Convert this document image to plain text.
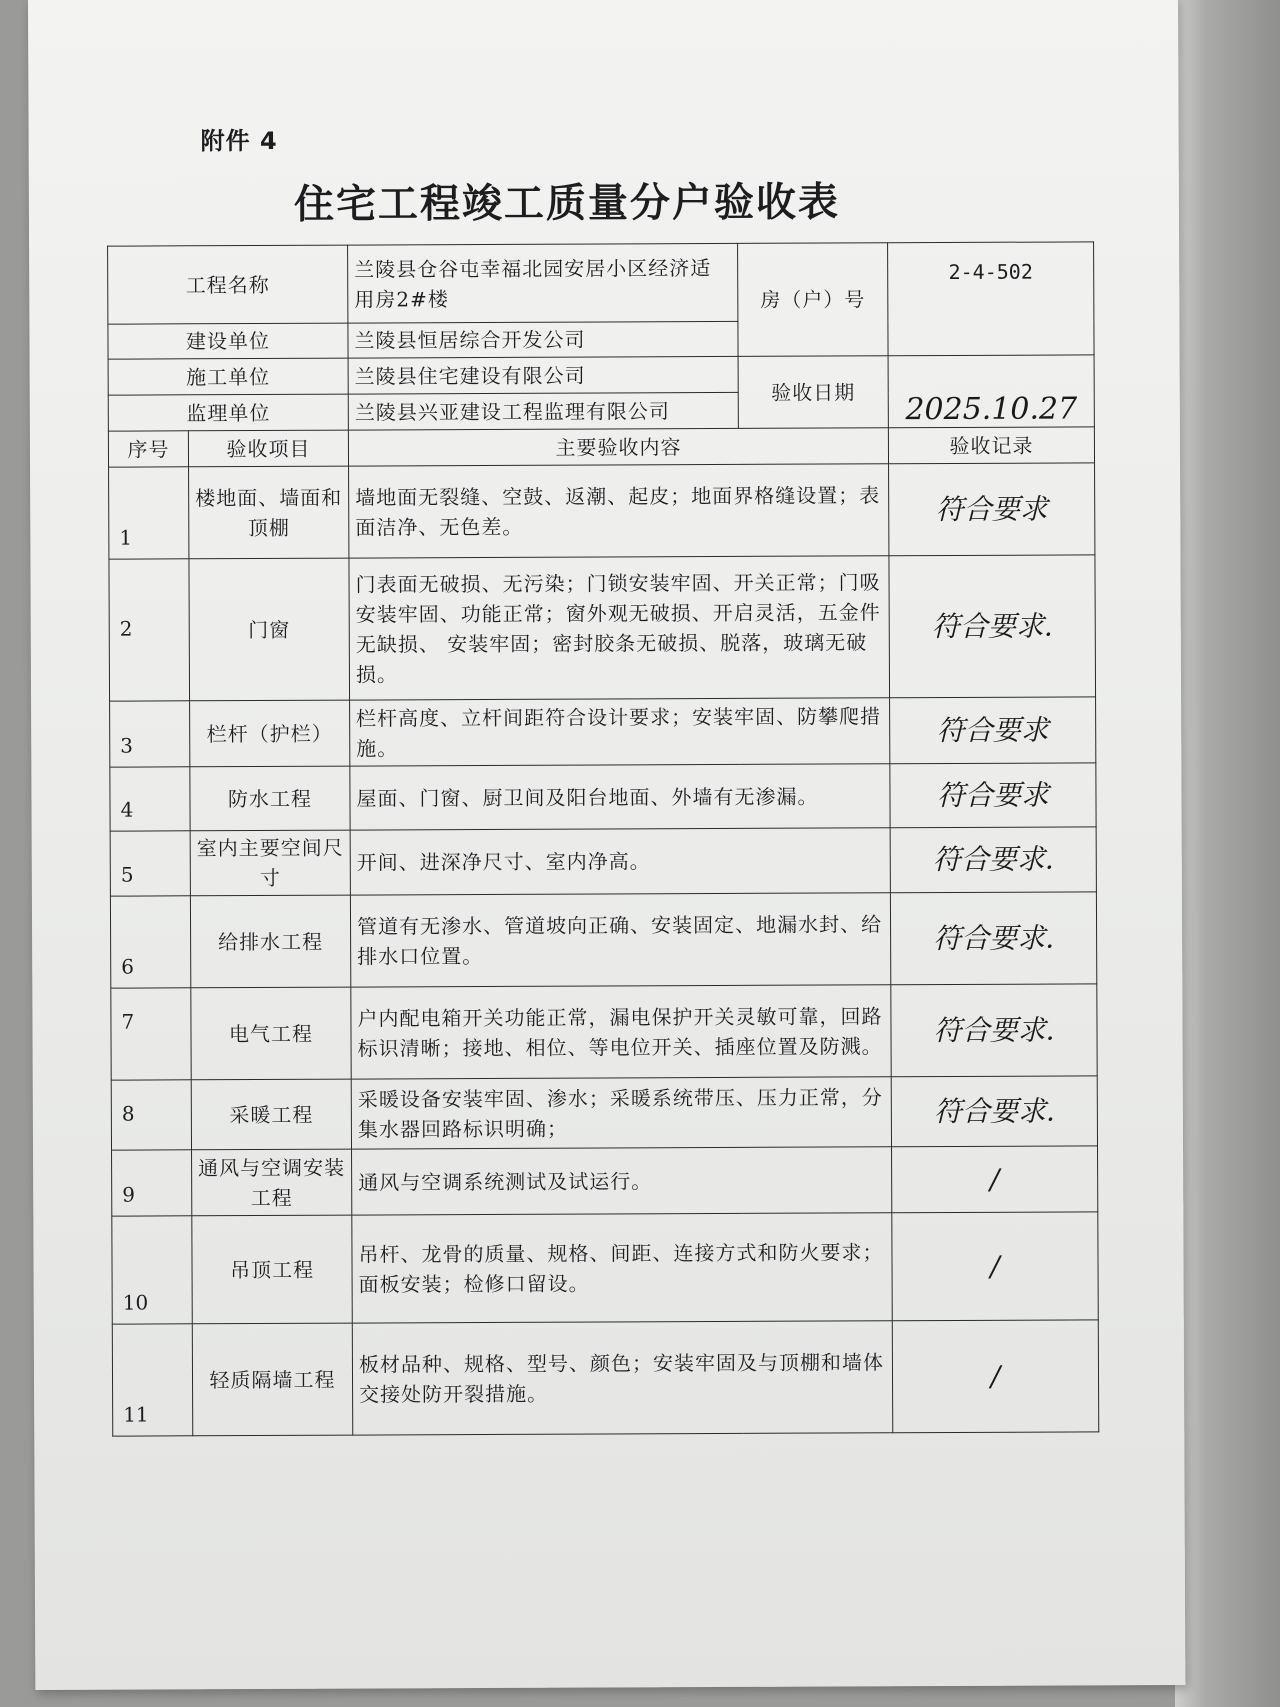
附件 4
住宅工程竣工质量分户验收表
工程名称		兰陵县仓谷屯幸福北园安居小区经济适用房2#楼	房（户）号	2-4-502
建设单位		兰陵县恒居综合开发公司		
施工单位		兰陵县住宅建设有限公司	验收日期	2025.10.27
监理单位		兰陵县兴亚建设工程监理有限公司		
序号	验收项目	主要验收内容		验收记录
1	楼地面、墙面和顶棚	墙地面无裂缝、空鼓、返潮、起皮；地面界格缝设置；表面洁净、无色差。		符合要求
2	门窗	门表面无破损、无污染；门锁安装牢固、开关正常；门吸安装牢固、功能正常；窗外观无破损、开启灵活，五金件无缺损、 安装牢固；密封胶条无破损、脱落，玻璃无破损。		符合要求.
3	栏杆（护栏）	栏杆高度、立杆间距符合设计要求；安装牢固、防攀爬措施。		符合要求
4	防水工程	屋面、门窗、厨卫间及阳台地面、外墙有无渗漏。		符合要求
5	室内主要空间尺寸	开间、进深净尺寸、室内净高。		符合要求.
6	给排水工程	管道有无渗水、管道坡向正确、安装固定、地漏水封、给排水口位置。		符合要求.
7	电气工程	户内配电箱开关功能正常，漏电保护开关灵敏可靠，回路标识清晰；接地、相位、等电位开关、插座位置及防溅。		符合要求.
8	采暖工程	采暖设备安装牢固、渗水；采暖系统带压、压力正常，分集水器回路标识明确；		符合要求.
9	通风与空调安装工程	通风与空调系统测试及试运行。		/
10	吊顶工程	吊杆、龙骨的质量、规格、间距、连接方式和防火要求；面板安装；检修口留设。		/
11	轻质隔墙工程	板材品种、规格、型号、颜色；安装牢固及与顶棚和墙体交接处防开裂措施。		/
